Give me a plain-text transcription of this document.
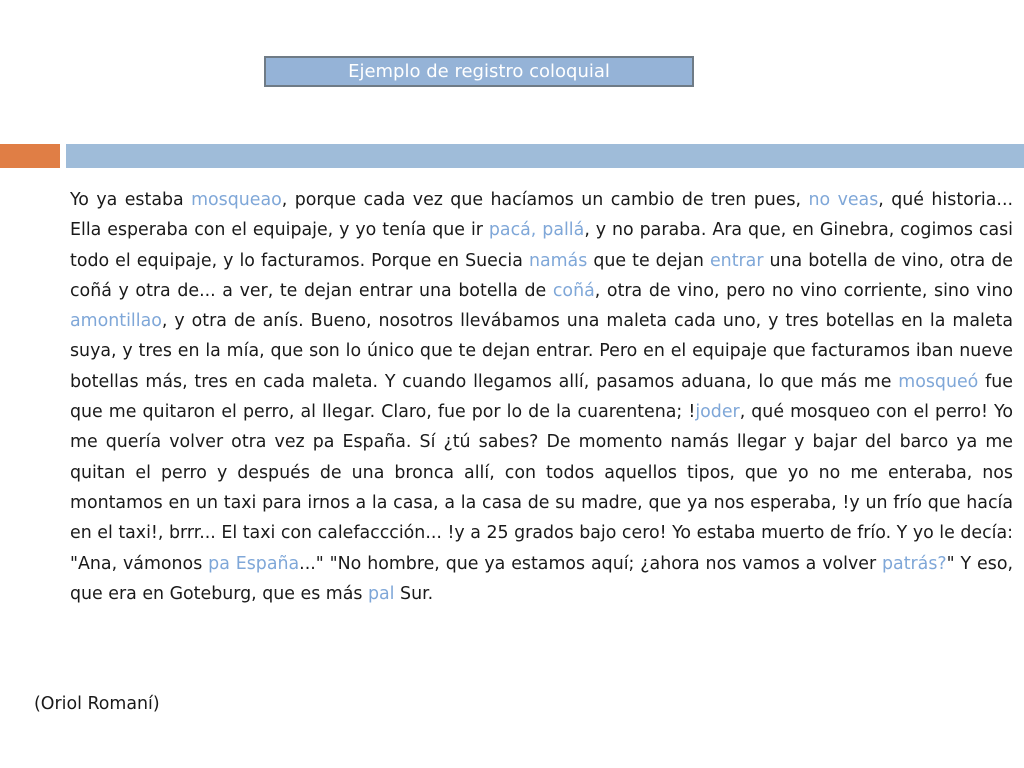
Ejemplo de registro coloquial

Yo ya estaba mosqueao, porque cada vez que hacíamos un cambio de tren pues, no veas, qué historia... Ella esperaba con el equipaje, y yo tenía que ir pacá, pallá, y no paraba. Ara que, en Ginebra, cogimos casi todo el equipaje, y lo facturamos. Porque en Suecia namás que te dejan entrar una botella de vino, otra de coñá y otra de... a ver, te dejan entrar una botella de coñá, otra de vino, pero no vino corriente, sino vino amontillao, y otra de anís. Bueno, nosotros llevábamos una maleta cada uno, y tres botellas en la maleta suya, y tres en la mía, que son lo único que te dejan entrar. Pero en el equipaje que facturamos iban nueve botellas más, tres en cada maleta. Y cuando llegamos allí, pasamos aduana, lo que más me mosqueó fue que me quitaron el perro, al llegar. Claro, fue por lo de la cuarentena; !joder, qué mosqueo con el perro! Yo me quería volver otra vez pa España. Sí ¿tú sabes? De momento namás llegar y bajar del barco ya me quitan el perro y después de una bronca allí, con todos aquellos tipos, que yo no me enteraba, nos montamos en un taxi para irnos a la casa, a la casa de su madre, que ya nos esperaba, !y un frío que hacía en el taxi!, brrr... El taxi con calefaccción... !y a 25 grados bajo cero! Yo estaba muerto de frío. Y yo le decía: "Ana, vámonos pa España..." "No hombre, que ya estamos aquí; ¿ahora nos vamos a volver patrás?" Y eso, que era en Goteburg, que es más pal Sur.

(Oriol Romaní)
